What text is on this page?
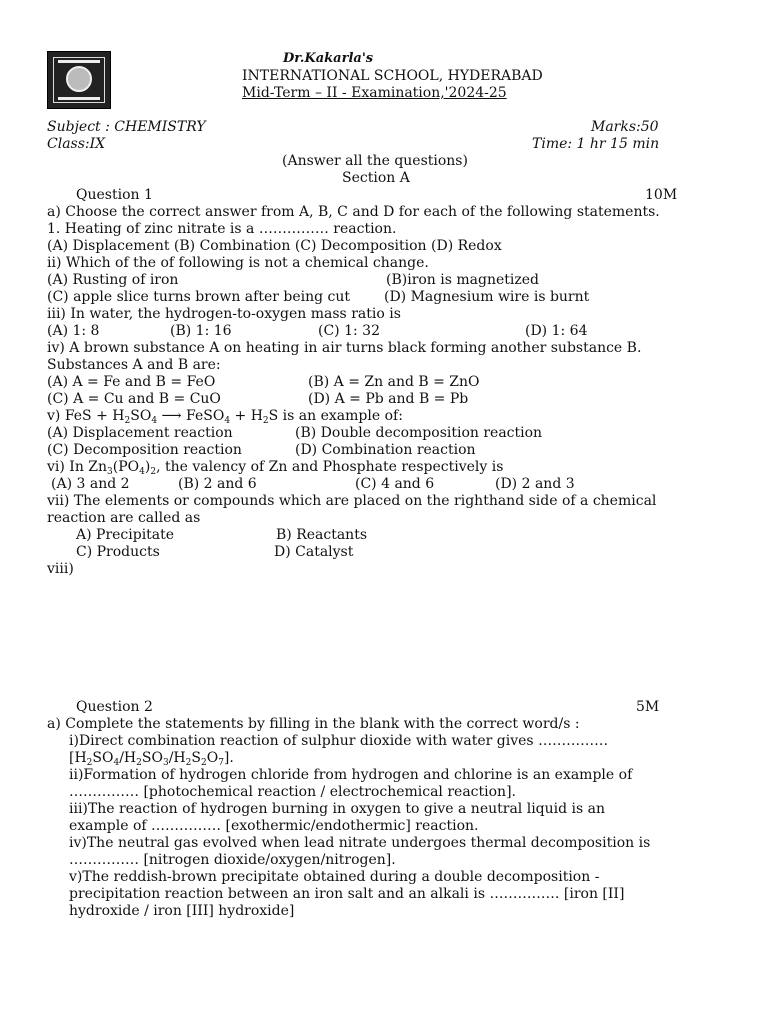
Dr.Kakarla's
INTERNATIONAL SCHOOL, HYDERABAD
Mid-Term – II - Examination,'2024-25
Subject : CHEMISTRY	Marks:50
Class:IX	Time: 1 hr 15 min
(Answer all the questions)
Section A
Question 1	10M
a) Choose the correct answer from A, B, C and D for each of the following statements.
1. Heating of zinc nitrate is a …………… reaction.
(A) Displacement (B) Combination (C) Decomposition (D) Redox
ii) Which of the of following is not a chemical change.
(A) Rusting of iron	(B)iron is magnetized
(C) apple slice turns brown after being cut (D) Magnesium wire is burnt
iii) In water, the hydrogen-to-oxygen mass ratio is
(A) 1: 8	(B) 1: 16	(C) 1: 32	(D) 1: 64
iv) A brown substance A on heating in air turns black forming another substance B.
Substances A and B are:
(A) A = Fe and B = FeO	(B) A = Zn and B = ZnO
(C) A = Cu and B = CuO	(D) A = Pb and B = Pb
v) FeS + $H_2SO_4$ ⟶ FeSO$_4$ + $H_2S$ is an example of:
(A) Displacement reaction	(B) Double decomposition reaction
(C) Decomposition reaction	(D) Combination reaction
vi) In $Zn_3(PO_4)_2$, the valency of Zn and Phosphate respectively is
(A) 3 and 2	(B) 2 and 6	(C) 4 and 6	(D) 2 and 3
vii) The elements or compounds which are placed on the righthand side of a chemical
reaction are called as
A) Precipitate	B) Reactants
C) Products	D) Catalyst
viii)
Question 2	5M
a) Complete the statements by filling in the blank with the correct word/s :
i)Direct combination reaction of sulphur dioxide with water gives ……………
$[H_2SO_4/H_2SO_3/H_2S_2O_7]$.
ii)Formation of hydrogen chloride from hydrogen and chlorine is an example of
…………… [photochemical reaction / electrochemical reaction].
iii)The reaction of hydrogen burning in oxygen to give a neutral liquid is an
example of …………… [exothermic/endothermic] reaction.
iv)The neutral gas evolved when lead nitrate undergoes thermal decomposition is
…………… [nitrogen dioxide/oxygen/nitrogen].
v)The reddish-brown precipitate obtained during a double decomposition -
precipitation reaction between an iron salt and an alkali is …………… [iron [II]
hydroxide / iron [III] hydroxide]
